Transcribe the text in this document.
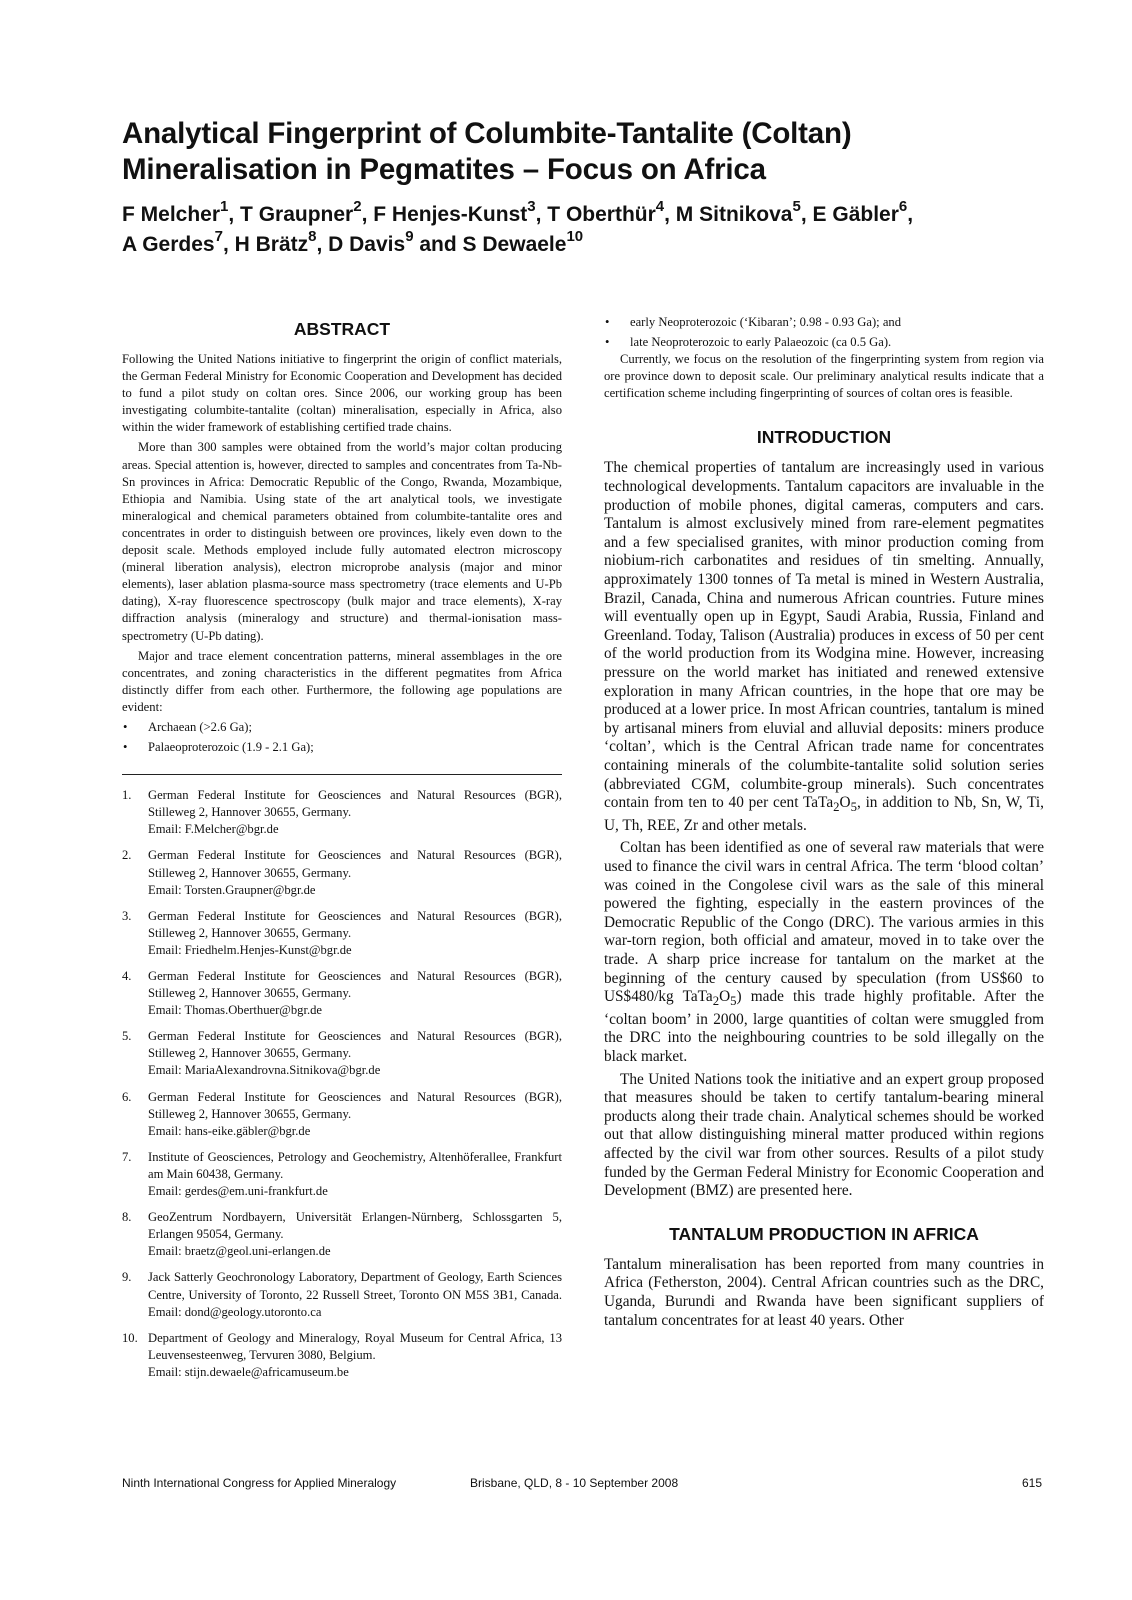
Analytical Fingerprint of Columbite-Tantalite (Coltan) Mineralisation in Pegmatites – Focus on Africa
F Melcher$^1$, T Graupner$^2$, F Henjes-Kunst$^3$, T Oberthür$^4$, M Sitnikova$^5$, E Gäbler$^6$,
A Gerdes$^7$, H Brätz$^8$, D Davis$^9$ and S Dewaele$^{10}$
ABSTRACT

Following the United Nations initiative to fingerprint the origin of conflict materials, the German Federal Ministry for Economic Cooperation and Development has decided to fund a pilot study on coltan ores. Since 2006, our working group has been investigating columbite-tantalite (coltan) mineralisation, especially in Africa, also within the wider framework of establishing certified trade chains.

More than 300 samples were obtained from the world’s major coltan producing areas. Special attention is, however, directed to samples and concentrates from Ta-Nb-Sn provinces in Africa: Democratic Republic of the Congo, Rwanda, Mozambique, Ethiopia and Namibia. Using state of the art analytical tools, we investigate mineralogical and chemical parameters obtained from columbite-tantalite ores and concentrates in order to distinguish between ore provinces, likely even down to the deposit scale. Methods employed include fully automated electron microscopy (mineral liberation analysis), electron microprobe analysis (major and minor elements), laser ablation plasma-source mass spectrometry (trace elements and U-Pb dating), X-ray fluorescence spectroscopy (bulk major and trace elements), X-ray diffraction analysis (mineralogy and structure) and thermal-ionisation mass-spectrometry (U-Pb dating).

Major and trace element concentration patterns, mineral assemblages in the ore concentrates, and zoning characteristics in the different pegmatites from Africa distinctly differ from each other. Furthermore, the following age populations are evident:

• Archaean (>2.6 Ga);
• Palaeoproterozoic (1.9 - 2.1 Ga);
1. German Federal Institute for Geosciences and Natural Resources (BGR), Stilleweg 2, Hannover 30655, Germany.
Email: F.Melcher@bgr.de
2. German Federal Institute for Geosciences and Natural Resources (BGR), Stilleweg 2, Hannover 30655, Germany.
Email: Torsten.Graupner@bgr.de
3. German Federal Institute for Geosciences and Natural Resources (BGR), Stilleweg 2, Hannover 30655, Germany.
Email: Friedhelm.Henjes-Kunst@bgr.de
4. German Federal Institute for Geosciences and Natural Resources (BGR), Stilleweg 2, Hannover 30655, Germany.
Email: Thomas.Oberthuer@bgr.de
5. German Federal Institute for Geosciences and Natural Resources (BGR), Stilleweg 2, Hannover 30655, Germany.
Email: MariaAlexandrovna.Sitnikova@bgr.de
6. German Federal Institute for Geosciences and Natural Resources (BGR), Stilleweg 2, Hannover 30655, Germany.
Email: hans-eike.gäbler@bgr.de
7. Institute of Geosciences, Petrology and Geochemistry, Altenhöferallee, Frankfurt am Main 60438, Germany.
Email: gerdes@em.uni-frankfurt.de
8. GeoZentrum Nordbayern, Universität Erlangen-Nürnberg, Schlossgarten 5, Erlangen 95054, Germany.
Email: braetz@geol.uni-erlangen.de
9. Jack Satterly Geochronology Laboratory, Department of Geology, Earth Sciences Centre, University of Toronto, 22 Russell Street, Toronto ON M5S 3B1, Canada. Email: dond@geology.utoronto.ca
10. Department of Geology and Mineralogy, Royal Museum for Central Africa, 13 Leuvensesteenweg, Tervuren 3080, Belgium.
Email: stijn.dewaele@africamuseum.be
• early Neoproterozoic (‘Kibaran’; 0.98 - 0.93 Ga); and
• late Neoproterozoic to early Palaeozoic (ca 0.5 Ga).

Currently, we focus on the resolution of the fingerprinting system from region via ore province down to deposit scale. Our preliminary analytical results indicate that a certification scheme including fingerprinting of sources of coltan ores is feasible.

INTRODUCTION

The chemical properties of tantalum are increasingly used in various technological developments. Tantalum capacitors are invaluable in the production of mobile phones, digital cameras, computers and cars. Tantalum is almost exclusively mined from rare-element pegmatites and a few specialised granites, with minor production coming from niobium-rich carbonatites and residues of tin smelting. Annually, approximately 1300 tonnes of Ta metal is mined in Western Australia, Brazil, Canada, China and numerous African countries. Future mines will eventually open up in Egypt, Saudi Arabia, Russia, Finland and Greenland. Today, Talison (Australia) produces in excess of 50 per cent of the world production from its Wodgina mine. However, increasing pressure on the world market has initiated and renewed extensive exploration in many African countries, in the hope that ore may be produced at a lower price. In most African countries, tantalum is mined by artisanal miners from eluvial and alluvial deposits: miners produce ‘coltan’, which is the Central African trade name for concentrates containing minerals of the columbite-tantalite solid solution series (abbreviated CGM, columbite-group minerals). Such concentrates contain from ten to 40 per cent $TaTa_2O_5$, in addition to Nb, Sn, W, Ti, U, Th, REE, Zr and other metals.

Coltan has been identified as one of several raw materials that were used to finance the civil wars in central Africa. The term ‘blood coltan’ was coined in the Congolese civil wars as the sale of this mineral powered the fighting, especially in the eastern provinces of the Democratic Republic of the Congo (DRC). The various armies in this war-torn region, both official and amateur, moved in to take over the trade. A sharp price increase for tantalum on the market at the beginning of the century caused by speculation (from US$60 to US$480/kg $TaTa_2O_5$) made this trade highly profitable. After the ‘coltan boom’ in 2000, large quantities of coltan were smuggled from the DRC into the neighbouring countries to be sold illegally on the black market.

The United Nations took the initiative and an expert group proposed that measures should be taken to certify tantalum-bearing mineral products along their trade chain. Analytical schemes should be worked out that allow distinguishing mineral matter produced within regions affected by the civil war from other sources. Results of a pilot study funded by the German Federal Ministry for Economic Cooperation and Development (BMZ) are presented here.

TANTALUM PRODUCTION IN AFRICA

Tantalum mineralisation has been reported from many countries in Africa (Fetherston, 2004). Central African countries such as the DRC, Uganda, Burundi and Rwanda have been significant suppliers of tantalum concentrates for at least 40 years. Other

Ninth International Congress for Applied Mineralogy	Brisbane, QLD, 8 - 10 September 2008	615
